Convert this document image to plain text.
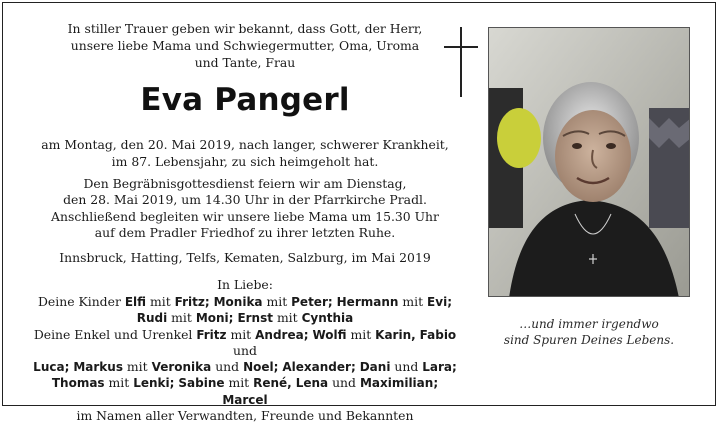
In stiller Trauer geben wir bekannt, dass Gott, der Herr,
unsere liebe Mama und Schwiegermutter, Oma, Uroma
und Tante, Frau
Eva Pangerl
am Montag, den 20. Mai 2019, nach langer, schwerer Krankheit,
im 87. Lebensjahr, zu sich heimgeholt hat.
Den Begräbnisgottesdienst feiern wir am Dienstag,
den 28. Mai 2019, um 14.30 Uhr in der Pfarrkirche Pradl.
Anschließend begleiten wir unsere liebe Mama um 15.30 Uhr
auf dem Pradler Friedhof zu ihrer letzten Ruhe.
Innsbruck, Hatting, Telfs, Kematen, Salzburg, im Mai 2019
In Liebe:
Deine Kinder Elfi mit Fritz; Monika mit Peter; Hermann mit Evi;
Rudi mit Moni; Ernst mit Cynthia
Deine Enkel und Urenkel Fritz mit Andrea; Wolfi mit Karin, Fabio und
Luca; Markus mit Veronika und Noel; Alexander; Dani und Lara;
Thomas mit Lenki; Sabine mit René, Lena und Maximilian; Marcel
im Namen aller Verwandten, Freunde und Bekannten
…und immer irgendwo
sind Spuren Deines Lebens.
